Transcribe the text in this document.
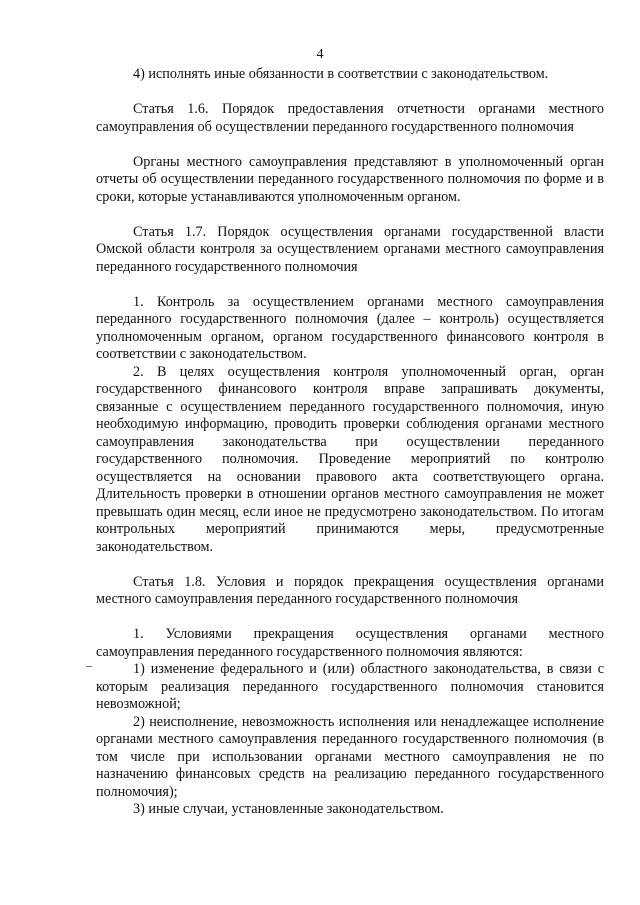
4

4) исполнять иные обязанности в соответствии с законодательством.

Статья 1.6. Порядок предоставления отчетности органами местного самоуправления об осуществлении переданного государственного полномочия

Органы местного самоуправления представляют в уполномоченный орган отчеты об осуществлении переданного государственного полномочия по форме и в сроки, которые устанавливаются уполномоченным органом.

Статья 1.7. Порядок осуществления органами государственной власти Омской области контроля за осуществлением органами местного самоуправления переданного государственного полномочия

1. Контроль за осуществлением органами местного самоуправления переданного государственного полномочия (далее – контроль) осуществляется уполномоченным органом, органом государственного финансового контроля в соответствии с законодательством.

2. В целях осуществления контроля уполномоченный орган, орган государственного финансового контроля вправе запрашивать документы, связанные с осуществлением переданного государственного полномочия, иную необходимую информацию, проводить проверки соблюдения органами местного самоуправления законодательства при осуществлении переданного государственного полномочия. Проведение мероприятий по контролю осуществляется на основании правового акта соответствующего органа. Длительность проверки в отношении органов местного самоуправления не может превышать один месяц, если иное не предусмотрено законодательством. По итогам контрольных мероприятий принимаются меры, предусмотренные законодательством.

Статья 1.8. Условия и порядок прекращения осуществления органами местного самоуправления переданного государственного полномочия

1. Условиями прекращения осуществления органами местного самоуправления переданного государственного полномочия являются:

1) изменение федерального и (или) областного законодательства, в связи с которым реализация переданного государственного полномочия становится невозможной;

2) неисполнение, невозможность исполнения или ненадлежащее исполнение органами местного самоуправления переданного государственного полномочия (в том числе при использовании органами местного самоуправления не по назначению финансовых средств на реализацию переданного государственного полномочия);

3) иные случаи, установленные законодательством.
